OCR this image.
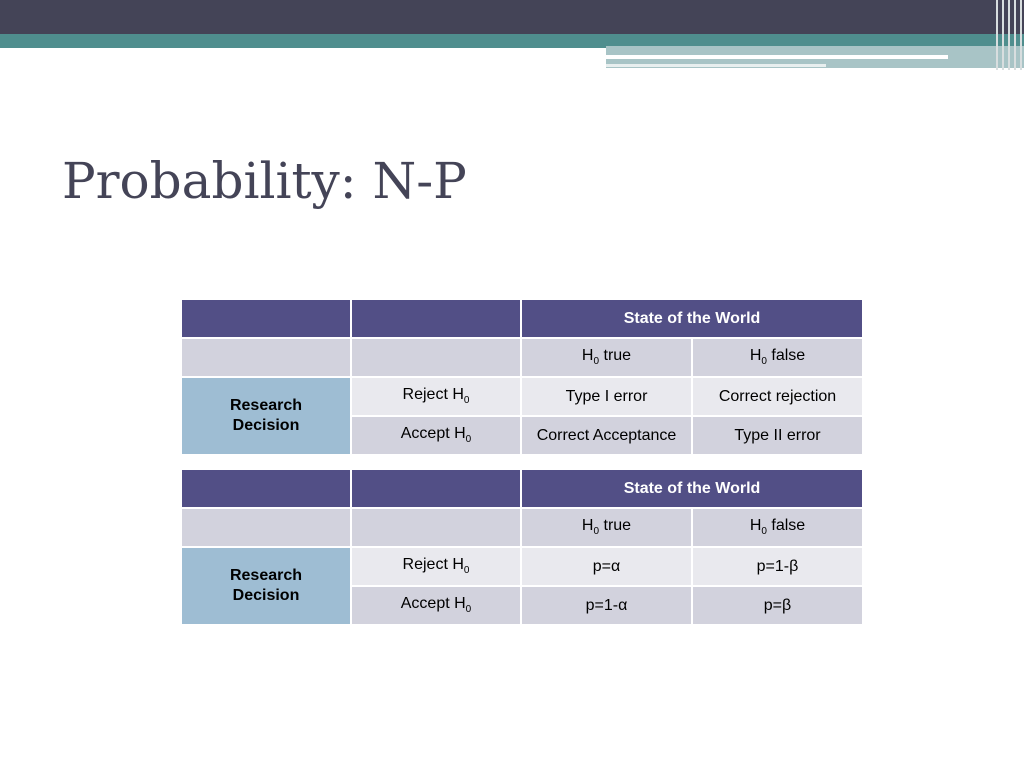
Probability: N-P
		State of the World	
		$H_0$ true	$H_0$ false
Research
Decision	Reject $H_0$	Type I error	Correct rejection
	Accept $H_0$	Correct Acceptance	Type II error
		State of the World	
		$H_0$ true	$H_0$ false
Research
Decision	Reject $H_0$	p=α	p=1-β
	Accept $H_0$	p=1-α	p=β
